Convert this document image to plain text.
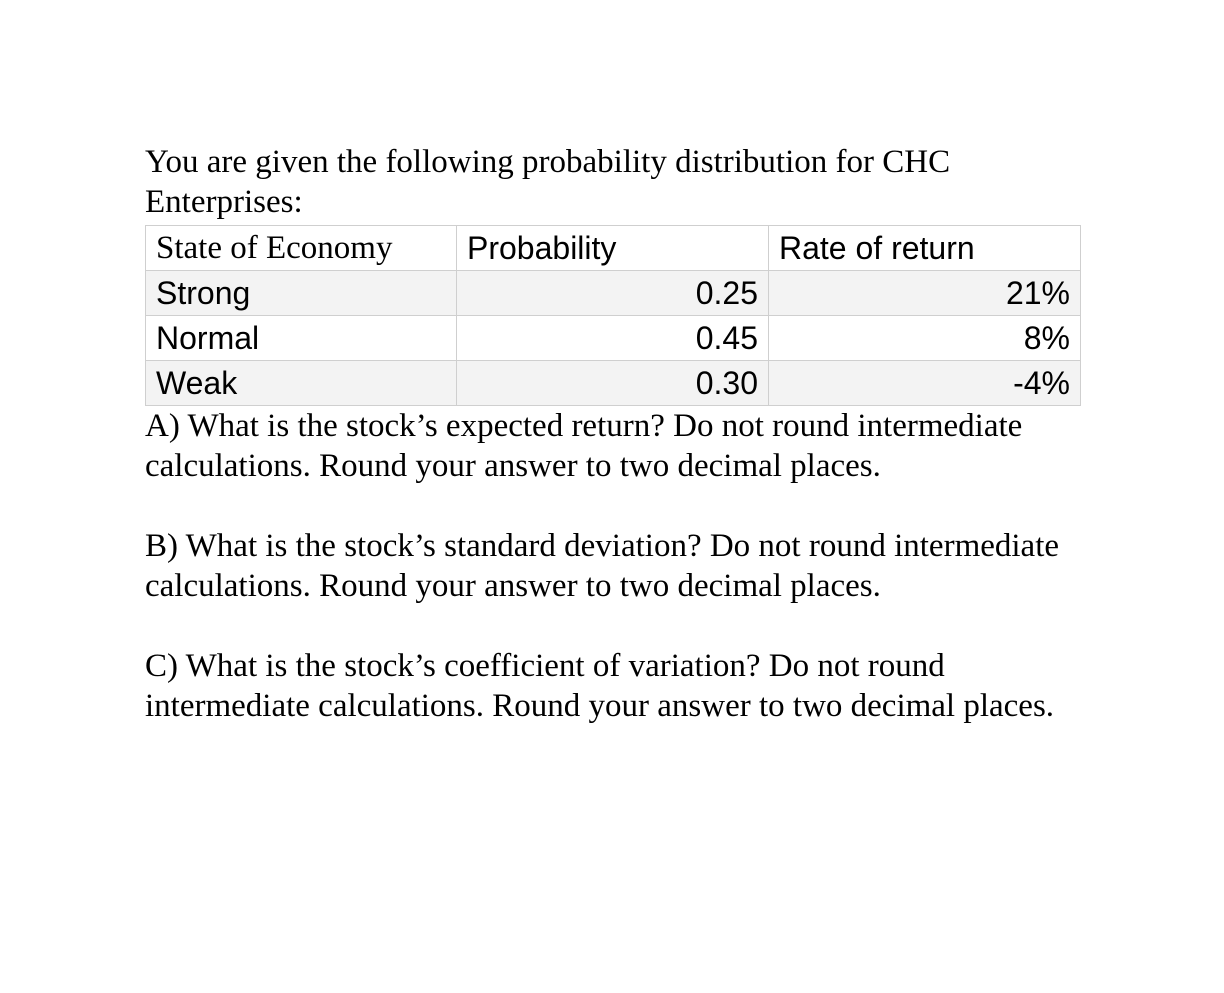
You are given the following probability distribution for CHC Enterprises:

State of Economy	Probability	Rate of return
Strong	0.25	21%
Normal	0.45	8%
Weak	0.30	-4%

A) What is the stock’s expected return? Do not round intermediate calculations. Round your answer to two decimal places.

B) What is the stock’s standard deviation? Do not round intermediate calculations. Round your answer to two decimal places.

C) What is the stock’s coefficient of variation? Do not round intermediate calculations. Round your answer to two decimal places.
